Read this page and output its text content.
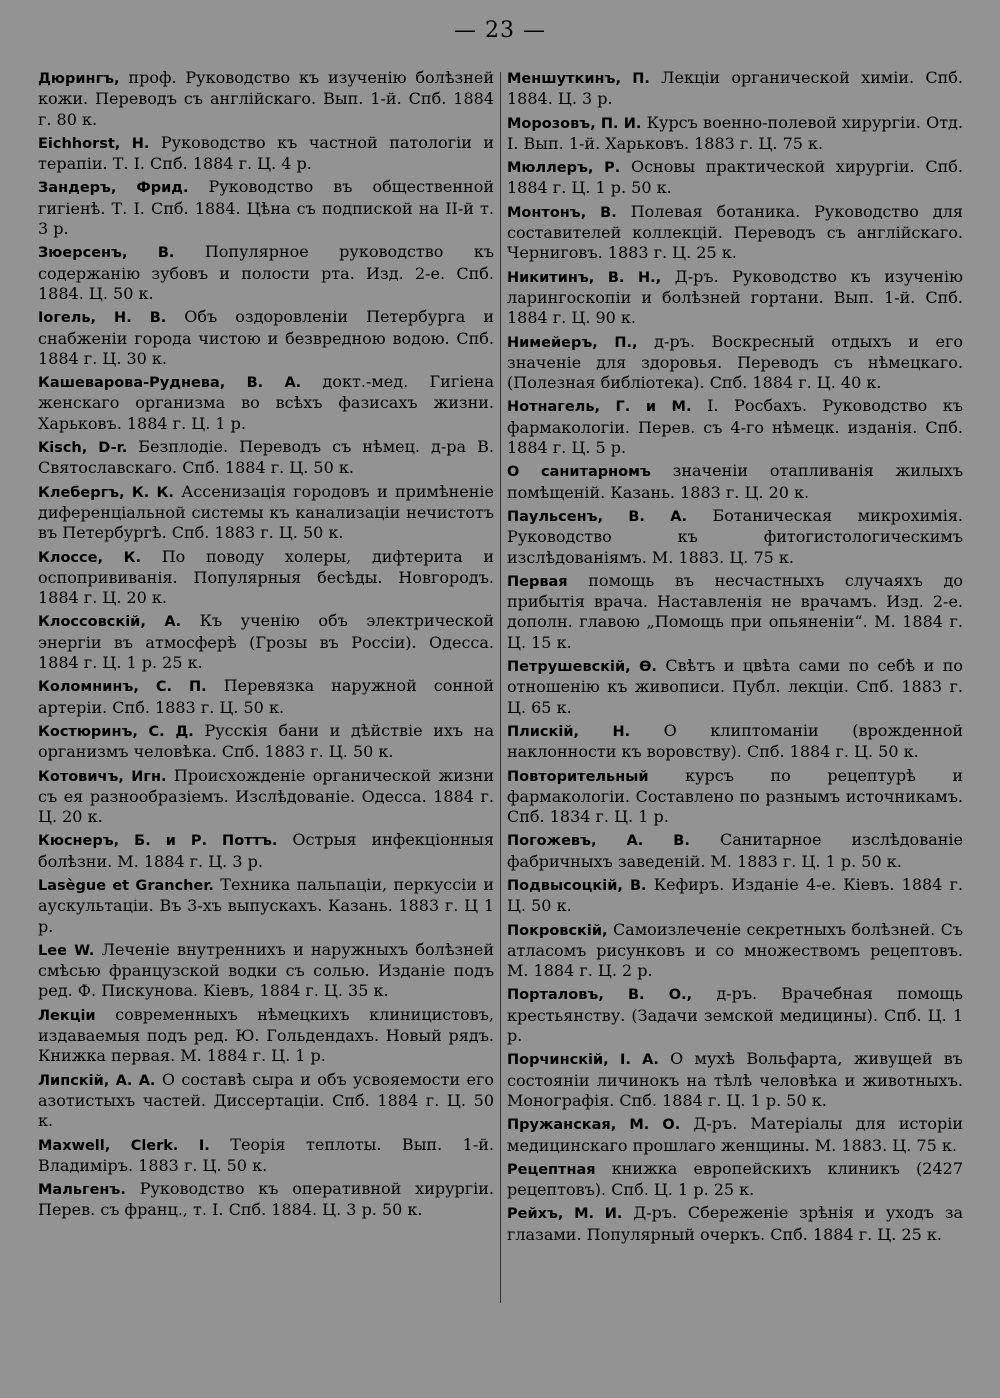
— 23 —

Дюрингъ, проф. Руководство къ изученію болѣзней кожи. Переводъ съ англійскаго. Вып. 1-й. Спб. 1884 г. 80 к.

Eichhorst, H. Руководство къ частной патологіи и терапіи. Т. I. Спб. 1884 г. Ц. 4 р.

Зандеръ, Фрид. Руководство въ общественной гигіенѣ. Т. I. Спб. 1884. Цѣна съ подпиской на II-й т. 3 р.

Зюерсенъ, В. Популярное руководство къ содержанію зубовъ и полости рта. Изд. 2-е. Спб. 1884. Ц. 50 к.

Iогель, Н. В. Объ оздоровленіи Петербурга и снабженіи города чистою и безвредною водою. Спб. 1884 г. Ц. 30 к.

Кашеварова-Руднева, В. А. докт.-мед. Гигіена женскаго организма во всѣхъ фазисахъ жизни. Харьковъ. 1884 г. Ц. 1 р.

Kisch, D-r. Безплодіе. Переводъ съ нѣмец. д-ра В. Святославскаго. Спб. 1884 г. Ц. 50 к.

Клебергъ, К. К. Ассенизація городовъ и примѣненіе диференціальной системы къ канализаціи нечистотъ въ Петербургѣ. Спб. 1883 г. Ц. 50 к.

Клоссе, К. По поводу холеры, дифтерита и оспопрививанія. Популярныя бесѣды. Новгородъ. 1884 г. Ц. 20 к.

Клоссовскій, А. Къ ученію объ электрической энергіи въ атмосферѣ (Грозы въ Россіи). Одесса. 1884 г. Ц. 1 р. 25 к.

Коломнинъ, С. П. Перевязка наружной сонной артеріи. Спб. 1883 г. Ц. 50 к.

Костюринъ, С. Д. Русскія бани и дѣйствіе ихъ на организмъ человѣка. Спб. 1883 г. Ц. 50 к.

Котовичъ, Игн. Происхожденіе органической жизни съ ея разнообразіемъ. Изслѣдованіе. Одесса. 1884 г. Ц. 20 к.

Кюснеръ, Б. и Р. Поттъ. Острыя инфекціонныя болѣзни. М. 1884 г. Ц. 3 р.

Lasègue et Grancher. Техника пальпаціи, перкуссіи и аускультаціи. Въ 3-хъ выпускахъ. Казань. 1883 г. Ц 1 р.

Lee W. Леченіе внутреннихъ и наружныхъ болѣзней смѣсью французской водки съ солью. Изданіе подъ ред. Ф. Пискунова. Кіевъ, 1884 г. Ц. 35 к.

Лекціи современныхъ нѣмецкихъ клиницистовъ, издаваемыя подъ ред. Ю. Гольдендахъ. Новый рядъ. Книжка первая. М. 1884 г. Ц. 1 р.

Липскій, А. А. О составѣ сыра и объ усвояемости его азотистыхъ частей. Диссертаціи. Спб. 1884 г. Ц. 50 к.

Maxwell, Clerk. I. Теорія теплоты. Вып. 1-й. Владиміръ. 1883 г. Ц. 50 к.

Мальгенъ. Руководство къ оперативной хирургіи. Перев. съ франц., т. I. Спб. 1884. Ц. 3 р. 50 к.

Меншуткинъ, П. Лекціи органической химіи. Спб. 1884. Ц. 3 р.

Морозовъ, П. И. Курсъ военно-полевой хирургіи. Отд. I. Вып. 1-й. Харьковъ. 1883 г. Ц. 75 к.

Мюллеръ, Р. Основы практической хирургіи. Спб. 1884 г. Ц. 1 р. 50 к.

Монтонъ, В. Полевая ботаника. Руководство для составителей коллекцій. Переводъ съ англійскаго. Черниговъ. 1883 г. Ц. 25 к.

Никитинъ, В. Н., Д-ръ. Руководство къ изученію ларингоскопіи и болѣзней гортани. Вып. 1-й. Спб. 1884 г. Ц. 90 к.

Нимейеръ, П., д-ръ. Воскресный отдыхъ и его значеніе для здоровья. Переводъ съ нѣмецкаго. (Полезная библіотека). Спб. 1884 г. Ц. 40 к.

Нотнагель, Г. и М. I. Росбахъ. Руководство къ фармакологіи. Перев. съ 4-го нѣмецк. изданія. Спб. 1884 г. Ц. 5 р.

О санитарномъ значеніи отапливанія жилыхъ помѣщеній. Казань. 1883 г. Ц. 20 к.

Паульсенъ, В. А. Ботаническая микрохимія. Руководство къ фитогистологическимъ изслѣдованіямъ. М. 1883. Ц. 75 к.

Первая помощь въ несчастныхъ случаяхъ до прибытія врача. Наставленія не врачамъ. Изд. 2-е. дополн. главою „Помощь при опьяненіи“. М. 1884 г. Ц. 15 к.

Петрушевскій, Ѳ. Свѣтъ и цвѣта сами по себѣ и по отношенію къ живописи. Публ. лекціи. Спб. 1883 г. Ц. 65 к.

Плискій, Н. О клиптоманіи (врожденной наклонности къ воровству). Спб. 1884 г. Ц. 50 к.

Повторительный курсъ по рецептурѣ и фармакологіи. Составлено по разнымъ источникамъ. Спб. 1834 г. Ц. 1 р.

Погожевъ, А. В. Санитарное изслѣдованіе фабричныхъ заведеній. М. 1883 г. Ц. 1 р. 50 к.

Подвысоцкій, В. Кефиръ. Изданіе 4-е. Кіевъ. 1884 г. Ц. 50 к.

Покровскій, Самоизлеченіе секретныхъ болѣзней. Съ атласомъ рисунковъ и со множествомъ рецептовъ. М. 1884 г. Ц. 2 р.

Порталовъ, В. О., д-ръ. Врачебная помощь крестьянству. (Задачи земской медицины). Спб. Ц. 1 р.

Порчинскій, I. А. О мухѣ Вольфарта, живущей въ состояніи личинокъ на тѣлѣ человѣка и животныхъ. Монографія. Спб. 1884 г. Ц. 1 р. 50 к.

Пружанская, М. О. Д-ръ. Матеріалы для исторіи медицинскаго прошлаго женщины. М. 1883. Ц. 75 к.

Рецептная книжка европейскихъ клиникъ (2427 рецептовъ). Спб. Ц. 1 р. 25 к.

Рейхъ, М. И. Д-ръ. Сбереженіе зрѣнія и уходъ за глазами. Популярный очеркъ. Спб. 1884 г. Ц. 25 к.
